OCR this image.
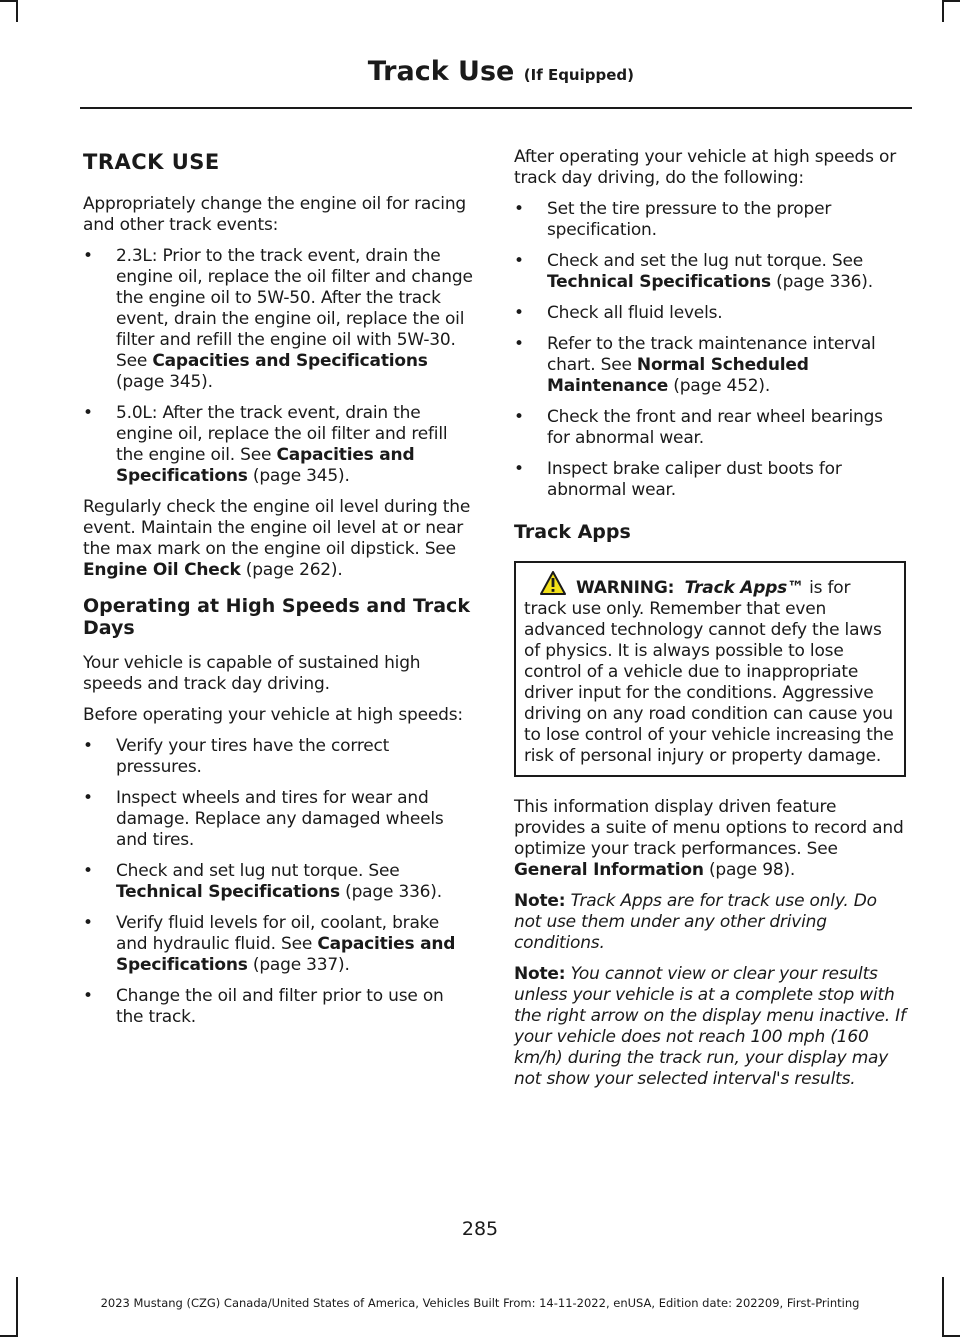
Track Use (If Equipped)
TRACK USE

Appropriately change the engine oil for racing and other track events:

• 2.3L: Prior to the track event, drain the engine oil, replace the oil filter and change the engine oil to 5W-50. After the track event, drain the engine oil, replace the oil filter and refill the engine oil with 5W-30. See Capacities and Specifications (page 345).
• 5.0L: After the track event, drain the engine oil, replace the oil filter and refill the engine oil. See Capacities and Specifications (page 345).

Regularly check the engine oil level during the event. Maintain the engine oil level at or near the max mark on the engine oil dipstick. See Engine Oil Check (page 262).

Operating at High Speeds and Track Days

Your vehicle is capable of sustained high speeds and track day driving.

Before operating your vehicle at high speeds:

• Verify your tires have the correct pressures.
• Inspect wheels and tires for wear and damage. Replace any damaged wheels and tires.
• Check and set lug nut torque. See Technical Specifications (page 336).
• Verify fluid levels for oil, coolant, brake and hydraulic fluid. See Capacities and Specifications (page 337).
• Change the oil and filter prior to use on the track.

After operating your vehicle at high speeds or track day driving, do the following:

• Set the tire pressure to the proper specification.
• Check and set the lug nut torque. See Technical Specifications (page 336).
• Check all fluid levels.
• Refer to the track maintenance interval chart. See Normal Scheduled Maintenance (page 452).
• Check the front and rear wheel bearings for abnormal wear.
• Inspect brake caliper dust boots for abnormal wear.
Track Apps
WARNING: Track Apps™ is for track use only. Remember that even advanced technology cannot defy the laws of physics. It is always possible to lose control of a vehicle due to inappropriate driver input for the conditions. Aggressive driving on any road condition can cause you to lose control of your vehicle increasing the risk of personal injury or property damage.

This information display driven feature provides a suite of menu options to record and optimize your track performances. See General Information (page 98).

Note: Track Apps are for track use only. Do not use them under any other driving conditions.

Note: You cannot view or clear your results unless your vehicle is at a complete stop with the right arrow on the display menu inactive. If your vehicle does not reach 100 mph (160 km/h) during the track run, your display may not show your selected interval's results.

285
2023 Mustang (CZG) Canada/United States of America, Vehicles Built From: 14-11-2022, enUSA, Edition date: 202209, First-Printing
